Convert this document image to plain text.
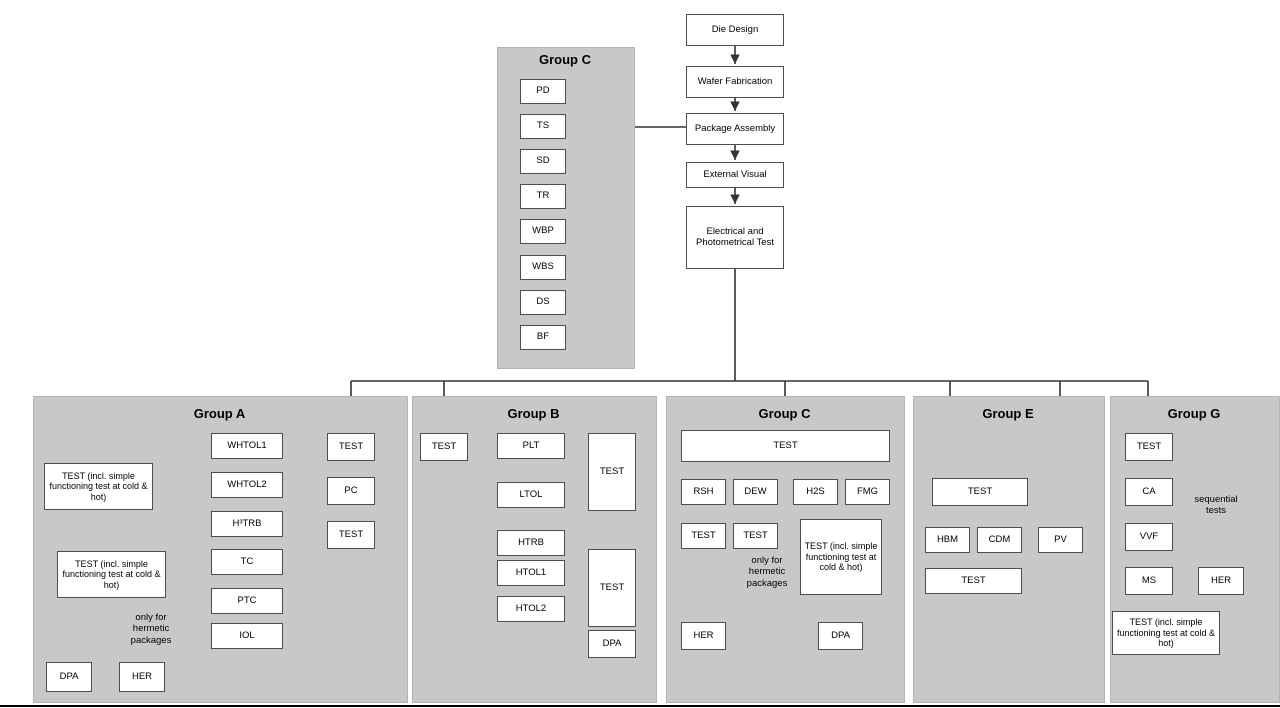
Die Design
Wafer Fabrication
Package Assembly
External Visual
Electrical and Photometrical Test
Group C
PD
TS
SD
TR
WBP
WBS
DS
BF
Group A
TEST
PC
TEST
WHTOL1
WHTOL2
H³TRB
TC
PTC
IOL
TEST (incl. simple functioning test at cold & hot)
TEST (incl. simple functioning test at cold & hot)
DPA	HER
only for hermetic packages
Group B
TEST	PLT
LTOL
HTRB
HTOL1
HTOL2
TEST
TEST
DPA
Group C
TEST
RSH	DEW	H2S	FMG
TEST	TEST
TEST (incl. simple functioning test at cold & hot)
HER	DPA
only for hermetic packages
Group E
TEST
HBM	CDM	PV
TEST
Group G
TEST
CA
VVF
MS	HER
TEST (incl. simple functioning test at cold & hot)
sequential tests
